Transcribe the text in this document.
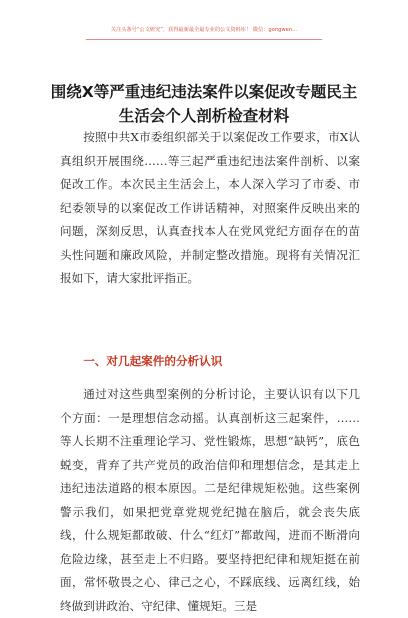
关注头条号“公文研究”，获得最新最全最专业的公文资料库！ 微信：gongwen...
围绕X等严重违纪违法案件以案促改专题民主生活会个人剖析检查材料

按照中共X市委组织部关于以案促改工作要求，市X认真组织开展围绕……等三起严重违纪违法案件剖析、以案促改工作。本次民主生活会上，本人深入学习了市委、市纪委领导的以案促改工作讲话精神，对照案件反映出来的问题，深刻反思，认真查找本人在党风党纪方面存在的苗头性问题和廉政风险，并制定整改措施。现将有关情况汇报如下，请大家批评指正。

一、对几起案件的分析认识

通过对这些典型案例的分析讨论，主要认识有以下几个方面：一是理想信念动摇。认真剖析这三起案件，……等人长期不注重理论学习、党性锻炼，思想“缺钙”，底色蜕变，背弃了共产党员的政治信仰和理想信念，是其走上违纪违法道路的根本原因。二是纪律规矩松弛。这些案例警示我们，如果把党章党规党纪抛在脑后，就会丧失底线，什么规矩都敢破、什么“红灯”都敢闯，进而不断滑向危险边缘，甚至走上不归路。要坚持把纪律和规矩挺在前面，常怀敬畏之心、律己之心，不踩底线、远离红线，始终做到讲政治、守纪律、懂规矩。三是
